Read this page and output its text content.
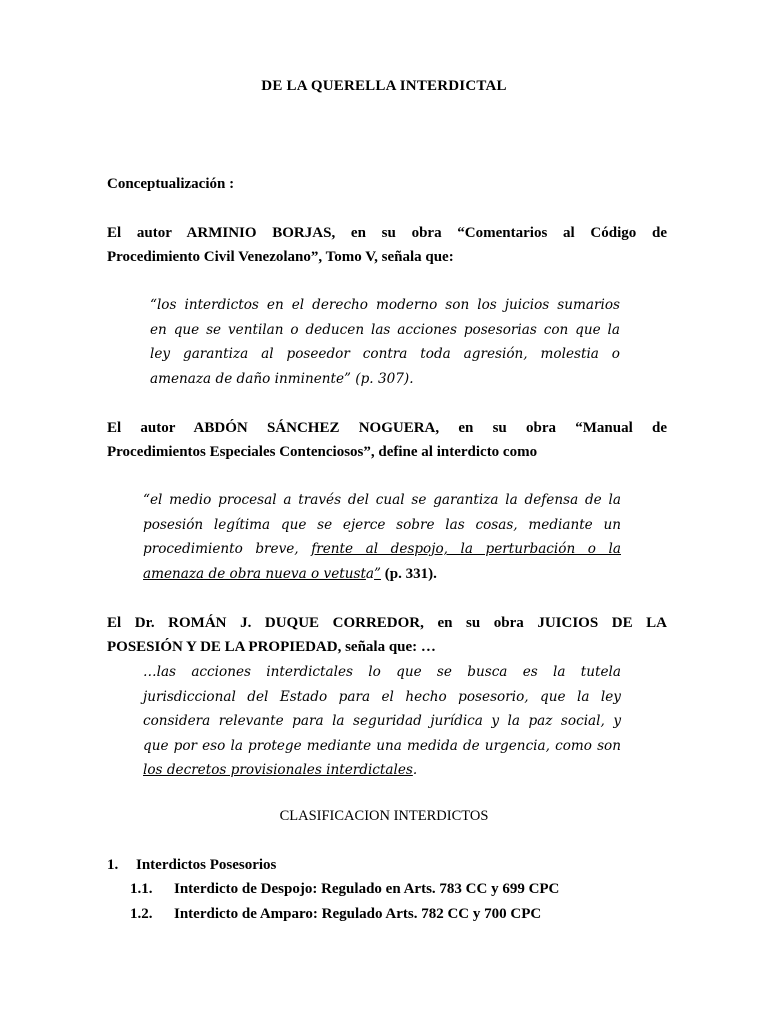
DE LA QUERELLA INTERDICTAL
Conceptualización :
El autor ARMINIO BORJAS, en su obra “Comentarios al Código de
Procedimiento Civil Venezolano”, Tomo V, señala que:
“los interdictos en el derecho moderno son los juicios sumarios
en que se ventilan o deducen las acciones posesorias con que la
ley garantiza al poseedor contra toda agresión, molestia o
amenaza de daño inminente” (p. 307).
El autor ABDÓN SÁNCHEZ NOGUERA, en su obra “Manual de
Procedimientos Especiales Contenciosos”, define al interdicto como
“el medio procesal a través del cual se garantiza la defensa de la
posesión legítima que se ejerce sobre las cosas, mediante un
procedimiento breve, frente al despojo, la perturbación o la
amenaza de obra nueva o vetusta” (p. 331).
El Dr. ROMÁN J. DUQUE CORREDOR, en su obra JUICIOS DE LA
POSESIÓN Y DE LA PROPIEDAD, señala que: …
…las acciones interdictales lo que se busca es la tutela
jurisdiccional del Estado para el hecho posesorio, que la ley
considera relevante para la seguridad jurídica y la paz social, y
que por eso la protege mediante una medida de urgencia, como son
los decretos provisionales interdictales.
CLASIFICACION INTERDICTOS
1. Interdictos Posesorios
1.1. Interdicto de Despojo: Regulado en Arts. 783 CC y 699 CPC
1.2. Interdicto de Amparo: Regulado Arts. 782 CC y 700 CPC
